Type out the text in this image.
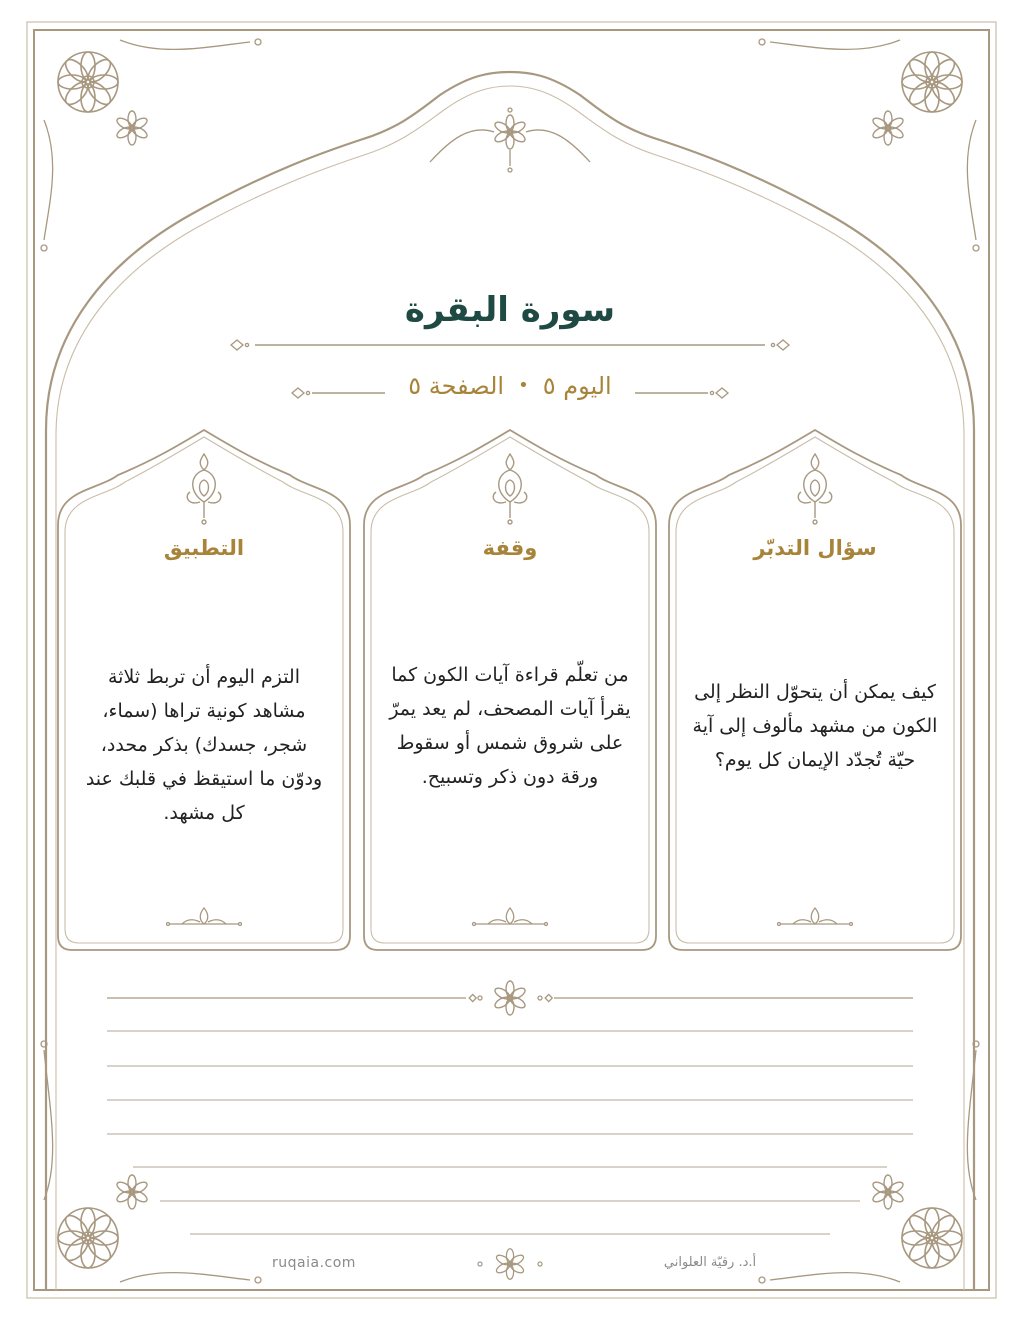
سورة البقرة
اليوم ٥•الصفحة ٥
سؤال التدبّر
كيف يمكن أن يتحوّل النظر إلى الكون من مشهد مألوف إلى آية حيّة تُجدّد الإيمان كل يوم؟
وقفة
من تعلّم قراءة آيات الكون كما يقرأ آيات المصحف، لم يعد يمرّ على شروق شمس أو سقوط ورقة دون ذكر وتسبيح.
التطبيق
التزم اليوم أن تربط ثلاثة مشاهد كونية تراها (سماء، شجر، جسدك) بذكر محدد، ودوّن ما استيقظ في قلبك عند كل مشهد.
ruqaia.com	أ.د. رقيّة العلواني
